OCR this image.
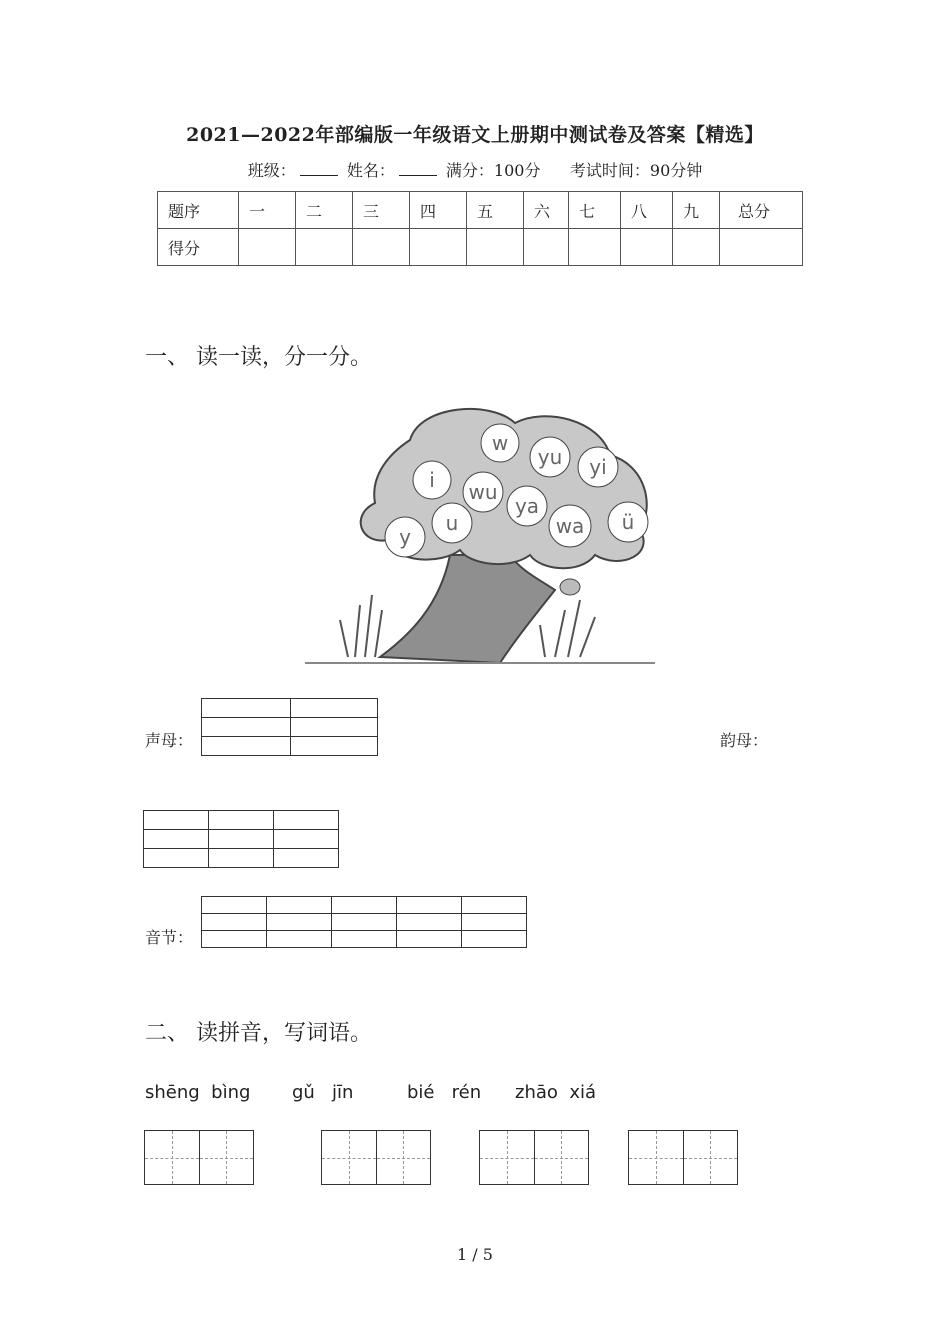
2021—2022年部编版一年级语文上册期中测试卷及答案【精选】
班级：	姓名：	满分：100分 考试时间：90分钟
题序	一	二	三	四	五	六	七	八	九	总分
得分										
一、 读一读，分一分。
w
yu yi
i wu
ya
u	wa ü
y
声母：

		韵母：

音节：

二、 读拼音，写词语。
shēng  bìng gǔ   jīn	bié   rén zhāo  xiá
1 / 5
